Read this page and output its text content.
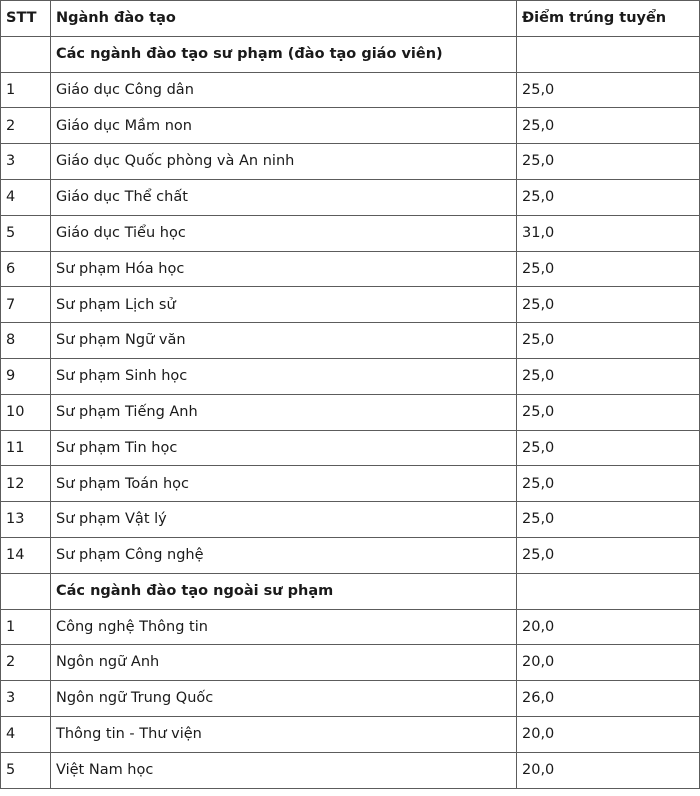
STT	Ngành đào tạo	Điểm trúng tuyển
	Các ngành đào tạo sư phạm (đào tạo giáo viên)	
1	Giáo dục Công dân	25,0
2	Giáo dục Mầm non	25,0
3	Giáo dục Quốc phòng và An ninh	25,0
4	Giáo dục Thể chất	25,0
5	Giáo dục Tiểu học	31,0
6	Sư phạm Hóa học	25,0
7	Sư phạm Lịch sử	25,0
8	Sư phạm Ngữ văn	25,0
9	Sư phạm Sinh học	25,0
10	Sư phạm Tiếng Anh	25,0
11	Sư phạm Tin học	25,0
12	Sư phạm Toán học	25,0
13	Sư phạm Vật lý	25,0
14	Sư phạm Công nghệ	25,0
	Các ngành đào tạo ngoài sư phạm	
1	Công nghệ Thông tin	20,0
2	Ngôn ngữ Anh	20,0
3	Ngôn ngữ Trung Quốc	26,0
4	Thông tin - Thư viện	20,0
5	Việt Nam học	20,0
